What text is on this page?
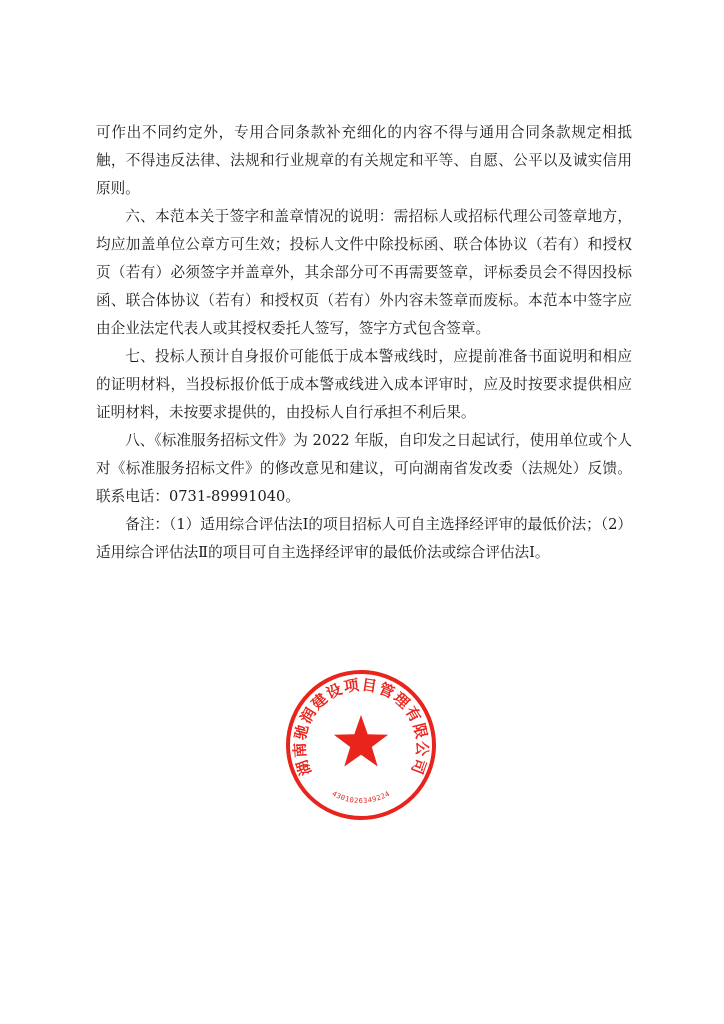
可作出不同约定外，专用合同条款补充细化的内容不得与通用合同条款规定相抵触，不得违反法律、法规和行业规章的有关规定和平等、自愿、公平以及诚实信用原则。

六、本范本关于签字和盖章情况的说明：需招标人或招标代理公司签章地方，均应加盖单位公章方可生效；投标人文件中除投标函、联合体协议（若有）和授权页（若有）必须签字并盖章外，其余部分可不再需要签章，评标委员会不得因投标函、联合体协议（若有）和授权页（若有）外内容未签章而废标。本范本中签字应由企业法定代表人或其授权委托人签写，签字方式包含签章。

七、投标人预计自身报价可能低于成本警戒线时，应提前准备书面说明和相应的证明材料，当投标报价低于成本警戒线进入成本评审时，应及时按要求提供相应证明材料，未按要求提供的，由投标人自行承担不利后果。

八、《标准服务招标文件》为 2022 年版，自印发之日起试行，使用单位或个人对《标准服务招标文件》的修改意见和建议，可向湖南省发改委（法规处）反馈。联系电话：0731-89991040。

备注：（1）适用综合评估法Ⅰ的项目招标人可自主选择经评审的最低价法；（2）适用综合评估法Ⅱ的项目可自主选择经评审的最低价法或综合评估法Ⅰ。

湖南驰润建设项目管理有限公司
4301026349224
